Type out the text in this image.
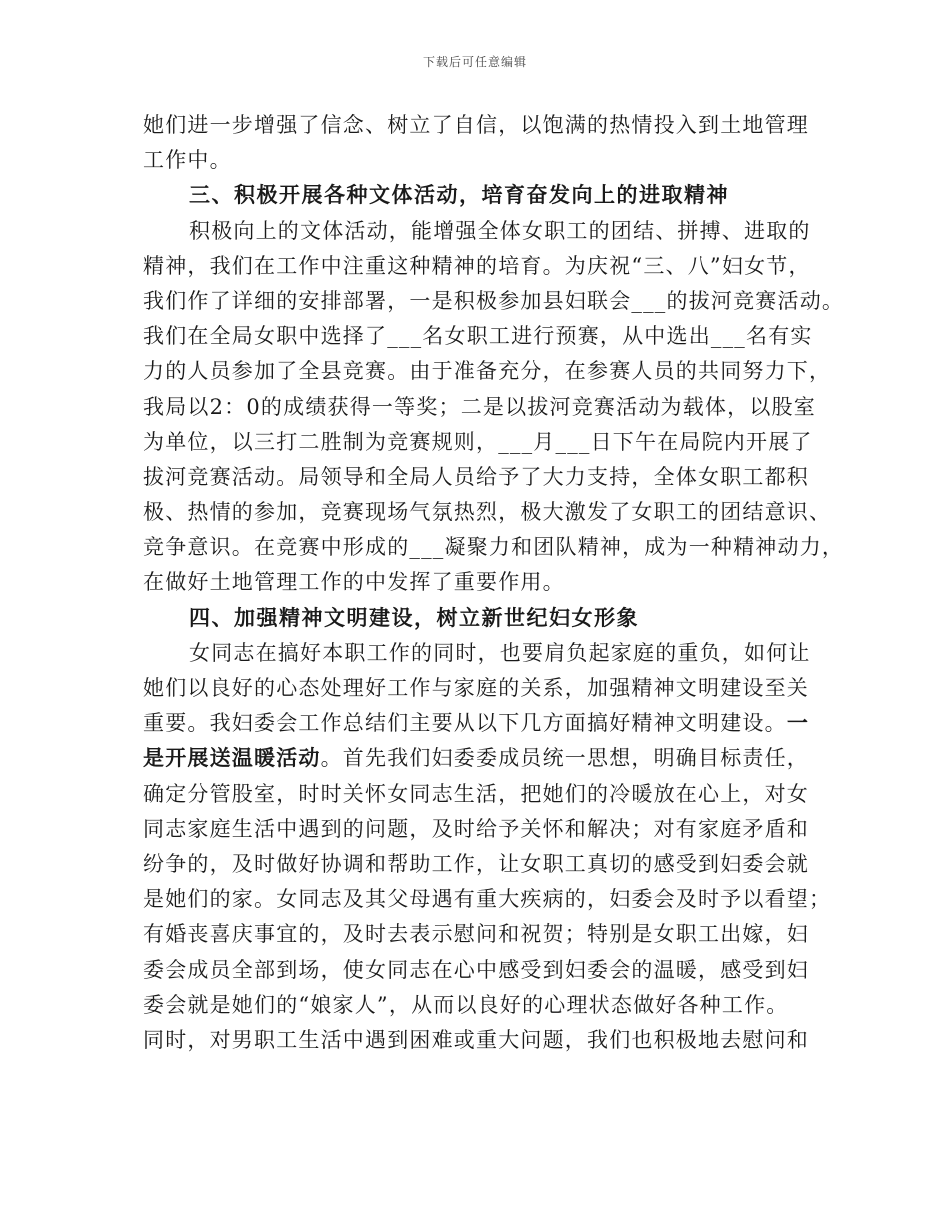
下载后可任意编辑
她们进一步增强了信念、树立了自信，以饱满的热情投入到土地管理
工作中。
三、积极开展各种文体活动，培育奋发向上的进取精神
积极向上的文体活动，能增强全体女职工的团结、拼搏、进取的
精神，我们在工作中注重这种精神的培育。为庆祝“三、八”妇女节，
我们作了详细的安排部署，一是积极参加县妇联会___的拔河竞赛活动。
我们在全局女职中选择了___名女职工进行预赛，从中选出___名有实
力的人员参加了全县竞赛。由于准备充分，在参赛人员的共同努力下，
我局以2：0的成绩获得一等奖；二是以拔河竞赛活动为载体，以股室
为单位，以三打二胜制为竞赛规则，___月___日下午在局院内开展了
拔河竞赛活动。局领导和全局人员给予了大力支持，全体女职工都积
极、热情的参加，竞赛现场气氛热烈，极大激发了女职工的团结意识、
竞争意识。在竞赛中形成的___凝聚力和团队精神，成为一种精神动力，
在做好土地管理工作的中发挥了重要作用。
四、加强精神文明建设，树立新世纪妇女形象
女同志在搞好本职工作的同时，也要肩负起家庭的重负，如何让
她们以良好的心态处理好工作与家庭的关系，加强精神文明建设至关
重要。我妇委会工作总结们主要从以下几方面搞好精神文明建设。一
是开展送温暖活动。首先我们妇委委成员统一思想，明确目标责任，
确定分管股室，时时关怀女同志生活，把她们的冷暖放在心上，对女
同志家庭生活中遇到的问题，及时给予关怀和解决；对有家庭矛盾和
纷争的，及时做好协调和帮助工作，让女职工真切的感受到妇委会就
是她们的家。女同志及其父母遇有重大疾病的，妇委会及时予以看望；
有婚丧喜庆事宜的，及时去表示慰问和祝贺；特别是女职工出嫁，妇
委会成员全部到场，使女同志在心中感受到妇委会的温暖，感受到妇
委会就是她们的“娘家人”，从而以良好的心理状态做好各种工作。
同时，对男职工生活中遇到困难或重大问题，我们也积极地去慰问和
